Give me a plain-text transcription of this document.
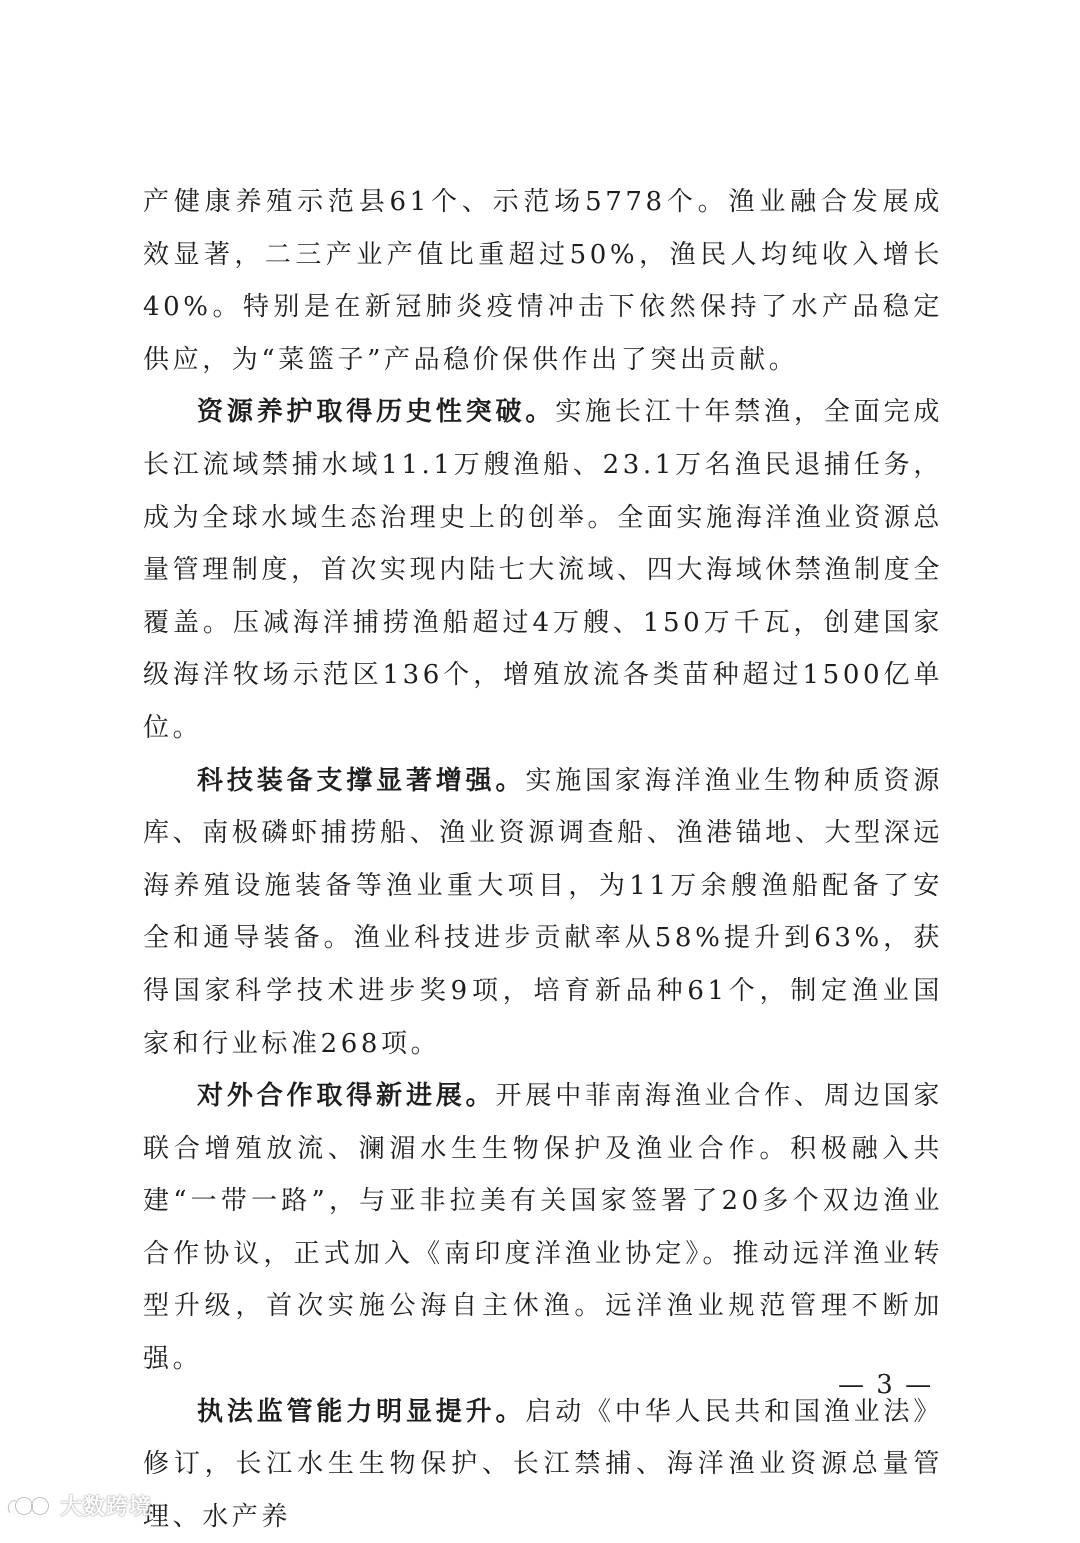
产健康养殖示范县61个、示范场5778个。渔业融合发展成效显著，二三产业产值比重超过50%，渔民人均纯收入增长40%。特别是在新冠肺炎疫情冲击下依然保持了水产品稳定供应，为“菜篮子”产品稳价保供作出了突出贡献。

资源养护取得历史性突破。实施长江十年禁渔，全面完成长江流域禁捕水域11.1万艘渔船、23.1万名渔民退捕任务，成为全球水域生态治理史上的创举。全面实施海洋渔业资源总量管理制度，首次实现内陆七大流域、四大海域休禁渔制度全覆盖。压减海洋捕捞渔船超过4万艘、150万千瓦，创建国家级海洋牧场示范区136个，增殖放流各类苗种超过1500亿单位。

科技装备支撑显著增强。实施国家海洋渔业生物种质资源库、南极磷虾捕捞船、渔业资源调查船、渔港锚地、大型深远海养殖设施装备等渔业重大项目，为11万余艘渔船配备了安全和通导装备。渔业科技进步贡献率从58%提升到63%，获得国家科学技术进步奖9项，培育新品种61个，制定渔业国家和行业标准268项。

对外合作取得新进展。开展中菲南海渔业合作、周边国家联合增殖放流、澜湄水生生物保护及渔业合作。积极融入共建“一带一路”，与亚非拉美有关国家签署了20多个双边渔业合作协议，正式加入《南印度洋渔业协定》。推动远洋渔业转型升级，首次实施公海自主休渔。远洋渔业规范管理不断加强。

执法监管能力明显提升。启动《中华人民共和国渔业法》修订，长江水生生物保护、长江禁捕、海洋渔业资源总量管理、水产养

— 3 —
大数跨境
